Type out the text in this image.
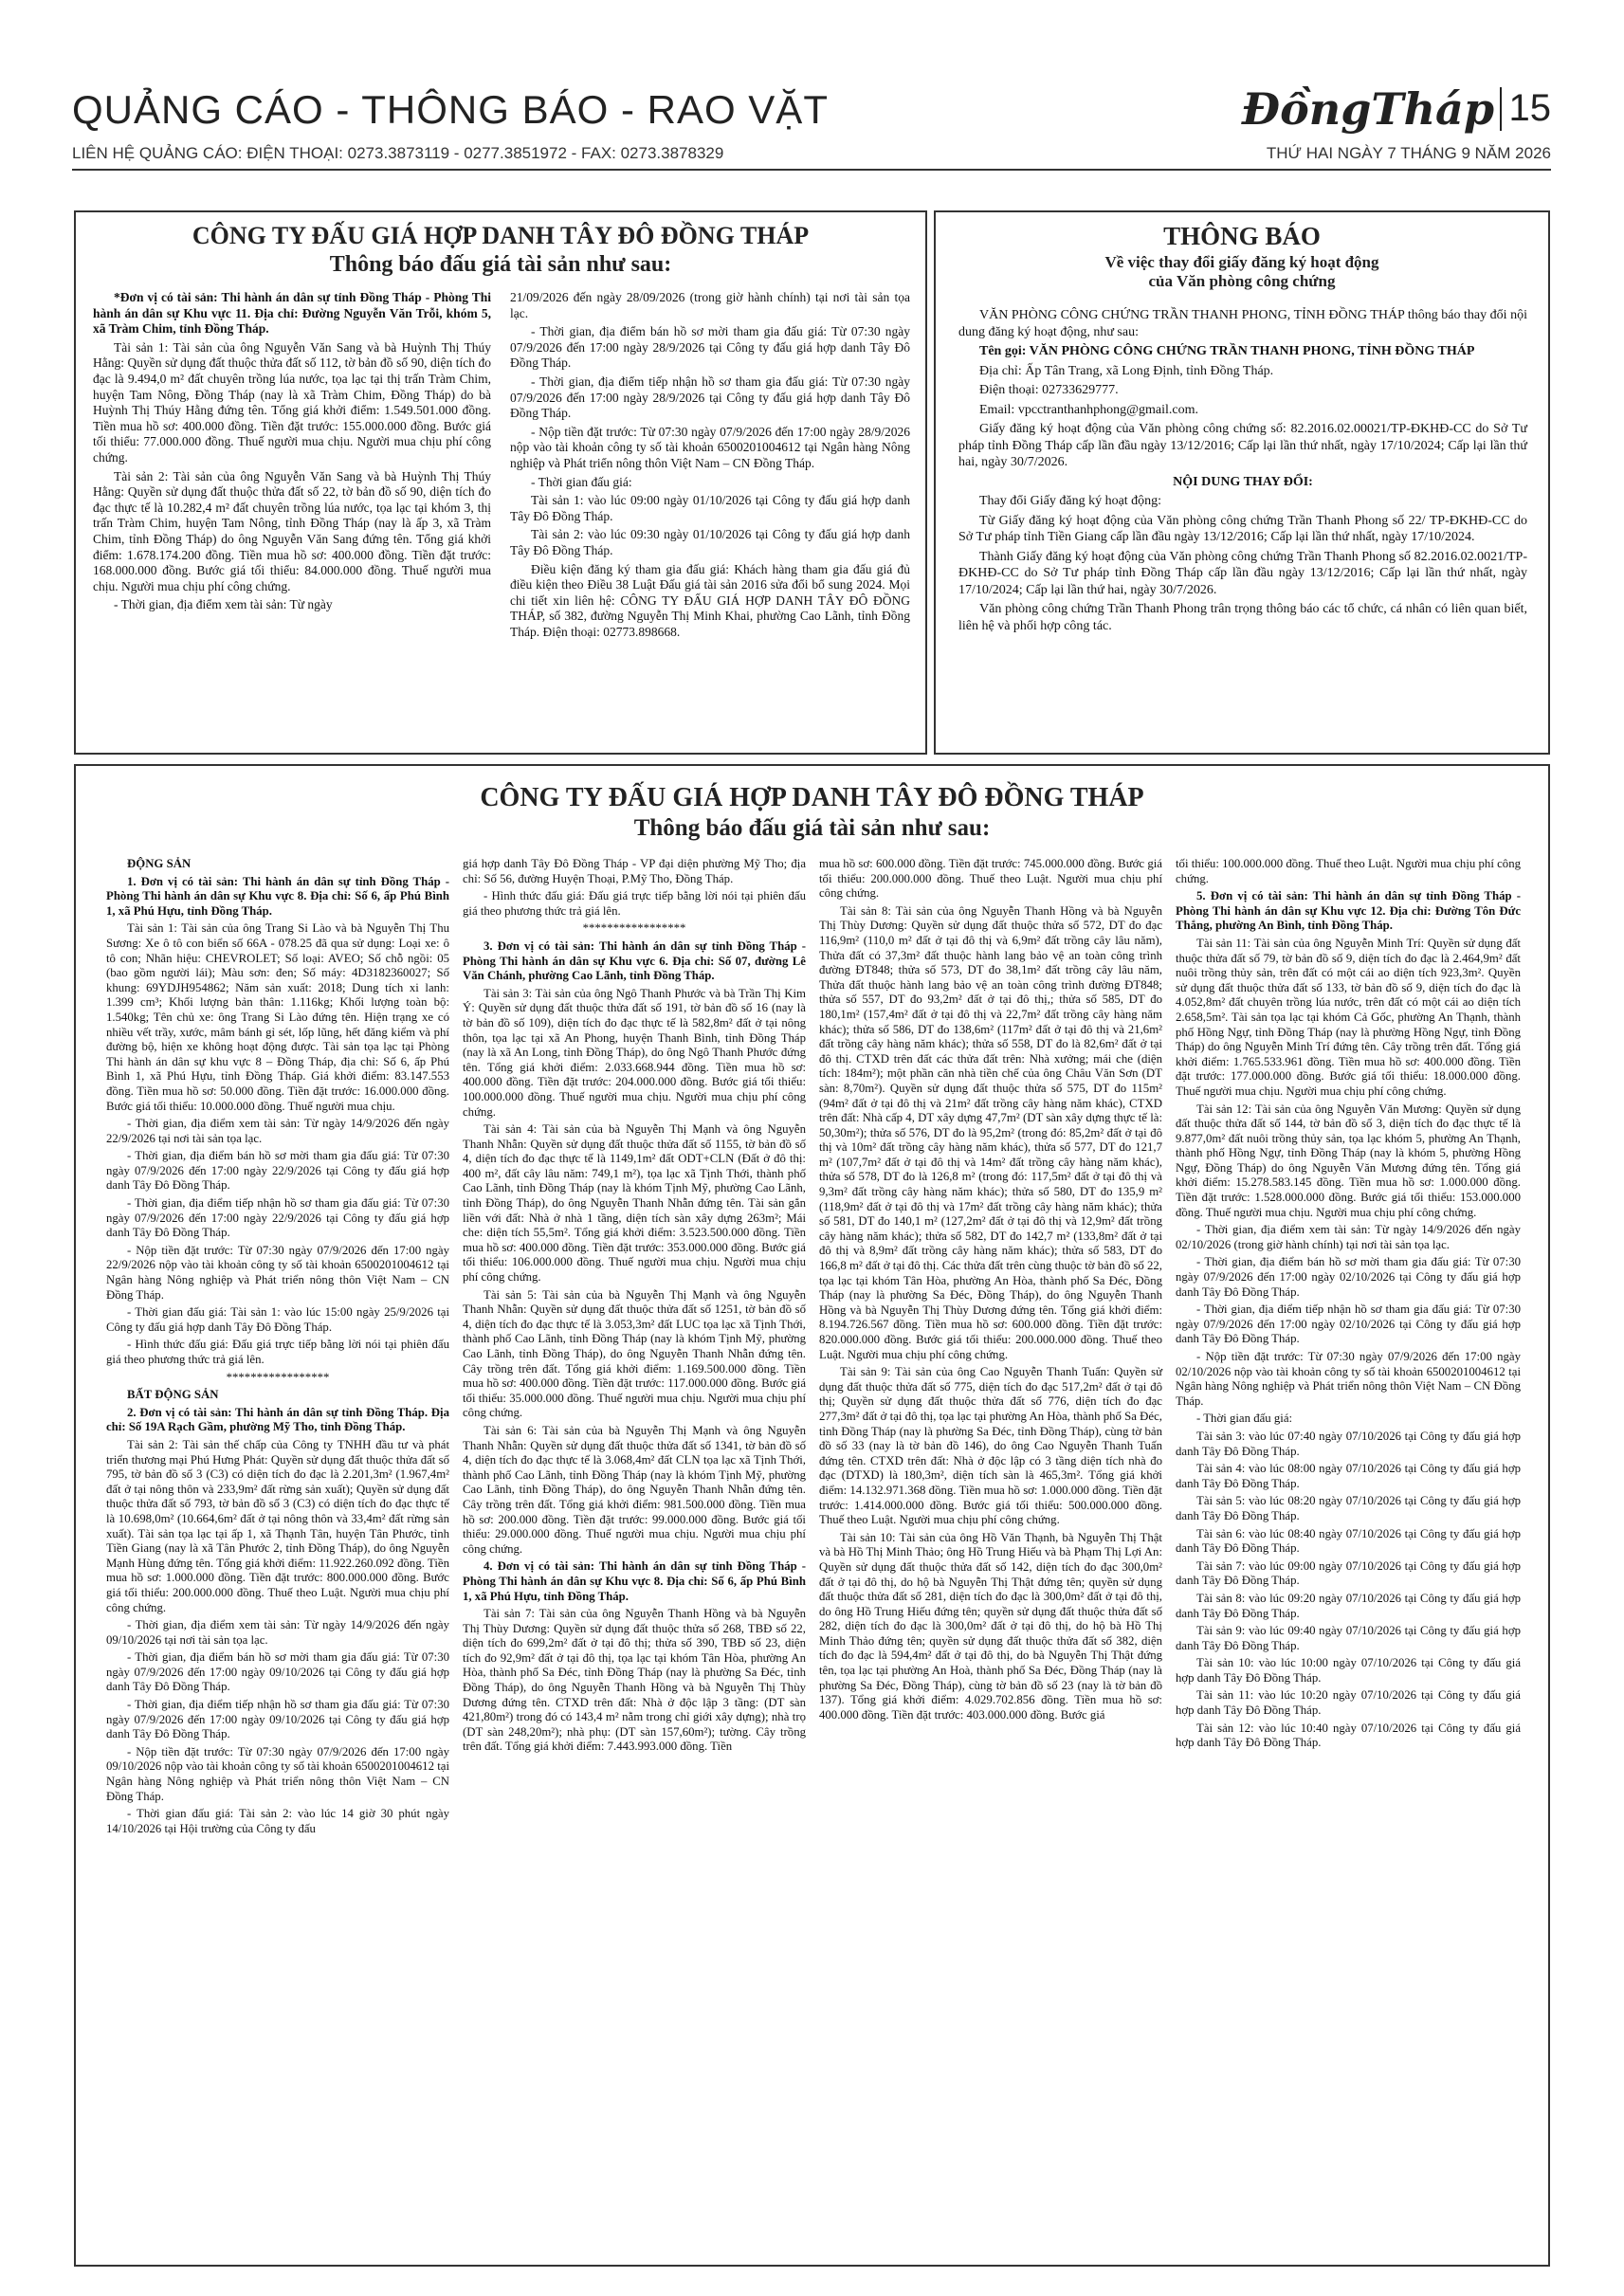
QUẢNG CÁO - THÔNG BÁO - RAO VẶT	ĐồngTháp 15
LIÊN HỆ QUẢNG CÁO: ĐIỆN THOẠI: 0273.3873119 - 0277.3851972 - FAX: 0273.3878329	THỨ HAI NGÀY 7 THÁNG 9 NĂM 2026
CÔNG TY ĐẤU GIÁ HỢP DANH TÂY ĐÔ ĐỒNG THÁP
Thông báo đấu giá tài sản như sau:

*Đơn vị có tài sản: Thi hành án dân sự tỉnh Đồng Tháp - Phòng Thi hành án dân sự Khu vực 11. Địa chỉ: Đường Nguyễn Văn Trỗi, khóm 5, xã Tràm Chim, tỉnh Đồng Tháp.

Tài sản 1: Tài sản của ông Nguyễn Văn Sang và bà Huỳnh Thị Thúy Hằng: Quyền sử dụng đất thuộc thửa đất số 112, tờ bản đồ số 90, diện tích đo đạc là 9.494,0 m² đất chuyên trồng lúa nước, tọa lạc tại thị trấn Tràm Chim, huyện Tam Nông, Đồng Tháp (nay là xã Tràm Chim, Đồng Tháp) do bà Huỳnh Thị Thúy Hằng đứng tên. Tổng giá khởi điểm: 1.549.501.000 đồng. Tiền mua hồ sơ: 400.000 đồng. Tiền đặt trước: 155.000.000 đồng. Bước giá tối thiểu: 77.000.000 đồng. Thuế người mua chịu. Người mua chịu phí công chứng.

Tài sản 2: Tài sản của ông Nguyễn Văn Sang và bà Huỳnh Thị Thúy Hằng: Quyền sử dụng đất thuộc thửa đất số 22, tờ bản đồ số 90, diện tích đo đạc thực tế là 10.282,4 m² đất chuyên trồng lúa nước, tọa lạc tại khóm 3, thị trấn Tràm Chim, huyện Tam Nông, tỉnh Đồng Tháp (nay là ấp 3, xã Tràm Chim, tỉnh Đồng Tháp) do ông Nguyễn Văn Sang đứng tên. Tổng giá khởi điểm: 1.678.174.200 đồng. Tiền mua hồ sơ: 400.000 đồng. Tiền đặt trước: 168.000.000 đồng. Bước giá tối thiểu: 84.000.000 đồng. Thuế người mua chịu. Người mua chịu phí công chứng.

- Thời gian, địa điểm xem tài sản: Từ ngày

21/09/2026 đến ngày 28/09/2026 (trong giờ hành chính) tại nơi tài sản tọa lạc.

- Thời gian, địa điểm bán hồ sơ mời tham gia đấu giá: Từ 07:30 ngày 07/9/2026 đến 17:00 ngày 28/9/2026 tại Công ty đấu giá hợp danh Tây Đô Đồng Tháp.

- Thời gian, địa điểm tiếp nhận hồ sơ tham gia đấu giá: Từ 07:30 ngày 07/9/2026 đến 17:00 ngày 28/9/2026 tại Công ty đấu giá hợp danh Tây Đô Đồng Tháp.

- Nộp tiền đặt trước: Từ 07:30 ngày 07/9/2026 đến 17:00 ngày 28/9/2026 nộp vào tài khoản công ty số tài khoản 6500201004612 tại Ngân hàng Nông nghiệp và Phát triển nông thôn Việt Nam – CN Đồng Tháp.

- Thời gian đấu giá:

Tài sản 1: vào lúc 09:00 ngày 01/10/2026 tại Công ty đấu giá hợp danh Tây Đô Đồng Tháp.

Tài sản 2: vào lúc 09:30 ngày 01/10/2026 tại Công ty đấu giá hợp danh Tây Đô Đồng Tháp.

Điều kiện đăng ký tham gia đấu giá: Khách hàng tham gia đấu giá đủ điều kiện theo Điều 38 Luật Đấu giá tài sản 2016 sửa đổi bổ sung 2024. Mọi chi tiết xin liên hệ: CÔNG TY ĐẤU GIÁ HỢP DANH TÂY ĐÔ ĐỒNG THÁP, số 382, đường Nguyễn Thị Minh Khai, phường Cao Lãnh, tỉnh Đồng Tháp. Điện thoại: 02773.898668.

THÔNG BÁO
Về việc thay đổi giấy đăng ký hoạt động
của Văn phòng công chứng

VĂN PHÒNG CÔNG CHỨNG TRẦN THANH PHONG, TỈNH ĐỒNG THÁP thông báo thay đổi nội dung đăng ký hoạt động, như sau:

Tên gọi: VĂN PHÒNG CÔNG CHỨNG TRẦN THANH PHONG, TỈNH ĐỒNG THÁP

Địa chỉ: Ấp Tân Trang, xã Long Định, tỉnh Đồng Tháp.

Điện thoại: 02733629777.

Email: vpcctranthanhphong@gmail.com.

Giấy đăng ký hoạt động của Văn phòng công chứng số: 82.2016.02.00021/TP-ĐKHĐ-CC do Sở Tư pháp tỉnh Đồng Tháp cấp lần đầu ngày 13/12/2016; Cấp lại lần thứ nhất, ngày 17/10/2024; Cấp lại lần thứ hai, ngày 30/7/2026.

NỘI DUNG THAY ĐỔI:

Thay đổi Giấy đăng ký hoạt động:

Từ Giấy đăng ký hoạt động của Văn phòng công chứng Trần Thanh Phong số 22/ TP-ĐKHĐ-CC do Sở Tư pháp tỉnh Tiền Giang cấp lần đầu ngày 13/12/2016; Cấp lại lần thứ nhất, ngày 17/10/2024.

Thành Giấy đăng ký hoạt động của Văn phòng công chứng Trần Thanh Phong số 82.2016.02.0021/TP-ĐKHĐ-CC do Sở Tư pháp tỉnh Đồng Tháp cấp lần đầu ngày 13/12/2016; Cấp lại lần thứ nhất, ngày 17/10/2024; Cấp lại lần thứ hai, ngày 30/7/2026.

Văn phòng công chứng Trần Thanh Phong trân trọng thông báo các tổ chức, cá nhân có liên quan biết, liên hệ và phối hợp công tác.

CÔNG TY ĐẤU GIÁ HỢP DANH TÂY ĐÔ ĐỒNG THÁP
Thông báo đấu giá tài sản như sau:

ĐỘNG SẢN

1. Đơn vị có tài sản: Thi hành án dân sự tỉnh Đồng Tháp - Phòng Thi hành án dân sự Khu vực 8. Địa chỉ: Số 6, ấp Phú Bình 1, xã Phú Hựu, tỉnh Đồng Tháp.

Tài sản 1: Tài sản của ông Trang Si Lào và bà Nguyễn Thị Thu Sương: Xe ô tô con biển số 66A - 078.25 đã qua sử dụng: Loại xe: ô tô con; Nhãn hiệu: CHEVROLET; Số loại: AVEO; Số chỗ ngồi: 05 (bao gồm người lái); Màu sơn: đen; Số máy: 4D3182360027; Số khung: 69YDJH954862; Năm sản xuất: 2018; Dung tích xi lanh: 1.399 cm³; Khối lượng bản thân: 1.116kg; Khối lượng toàn bộ: 1.540kg; Tên chủ xe: ông Trang Si Lào đứng tên. Hiện trạng xe có nhiều vết trầy, xước, mâm bánh gỉ sét, lốp lũng, hết đăng kiểm và phí đường bộ, hiện xe không hoạt động được. Tài sản tọa lạc tại Phòng Thi hành án dân sự khu vực 8 – Đồng Tháp, địa chỉ: Số 6, ấp Phú Bình 1, xã Phú Hựu, tỉnh Đồng Tháp. Giá khởi điểm: 83.147.553 đồng. Tiền mua hồ sơ: 50.000 đồng. Tiền đặt trước: 16.000.000 đồng. Bước giá tối thiểu: 10.000.000 đồng. Thuế người mua chịu.

- Thời gian, địa điểm xem tài sản: Từ ngày 14/9/2026 đến ngày 22/9/2026 tại nơi tài sản tọa lạc.

- Thời gian, địa điểm bán hồ sơ mời tham gia đấu giá: Từ 07:30 ngày 07/9/2026 đến 17:00 ngày 22/9/2026 tại Công ty đấu giá hợp danh Tây Đô Đồng Tháp.

- Thời gian, địa điểm tiếp nhận hồ sơ tham gia đấu giá: Từ 07:30 ngày 07/9/2026 đến 17:00 ngày 22/9/2026 tại Công ty đấu giá hợp danh Tây Đô Đồng Tháp.

- Nộp tiền đặt trước: Từ 07:30 ngày 07/9/2026 đến 17:00 ngày 22/9/2026 nộp vào tài khoản công ty số tài khoản 6500201004612 tại Ngân hàng Nông nghiệp và Phát triển nông thôn Việt Nam – CN Đồng Tháp.

- Thời gian đấu giá: Tài sản 1: vào lúc 15:00 ngày 25/9/2026 tại Công ty đấu giá hợp danh Tây Đô Đồng Tháp.

- Hình thức đấu giá: Đấu giá trực tiếp bằng lời nói tại phiên đấu giá theo phương thức trả giá lên.

*****************

BẤT ĐỘNG SẢN

2. Đơn vị có tài sản: Thi hành án dân sự tỉnh Đồng Tháp. Địa chỉ: Số 19A Rạch Gầm, phường Mỹ Tho, tỉnh Đồng Tháp.

Tài sản 2: Tài sản thế chấp của Công ty TNHH đầu tư và phát triển thương mại Phú Hưng Phát: Quyền sử dụng đất thuộc thửa đất số 795, tờ bản đồ số 3 (C3) có diện tích đo đạc là 2.201,3m² (1.967,4m² đất ở tại nông thôn và 233,9m² đất rừng sản xuất); Quyền sử dụng đất thuộc thửa đất số 793, tờ bản đồ số 3 (C3) có diện tích đo đạc thực tế là 10.698,0m² (10.664,6m² đất ở tại nông thôn và 33,4m² đất rừng sản xuất). Tài sản tọa lạc tại ấp 1, xã Thạnh Tân, huyện Tân Phước, tỉnh Tiền Giang (nay là xã Tân Phước 2, tỉnh Đồng Tháp), do ông Nguyễn Mạnh Hùng đứng tên. Tổng giá khởi điểm: 11.922.260.092 đồng. Tiền mua hồ sơ: 1.000.000 đồng. Tiền đặt trước: 800.000.000 đồng. Bước giá tối thiểu: 200.000.000 đồng. Thuế theo Luật. Người mua chịu phí công chứng.

- Thời gian, địa điểm xem tài sản: Từ ngày 14/9/2026 đến ngày 09/10/2026 tại nơi tài sản tọa lạc.

- Thời gian, địa điểm bán hồ sơ mời tham gia đấu giá: Từ 07:30 ngày 07/9/2026 đến 17:00 ngày 09/10/2026 tại Công ty đấu giá hợp danh Tây Đô Đồng Tháp.

- Thời gian, địa điểm tiếp nhận hồ sơ tham gia đấu giá: Từ 07:30 ngày 07/9/2026 đến 17:00 ngày 09/10/2026 tại Công ty đấu giá hợp danh Tây Đô Đồng Tháp.

- Nộp tiền đặt trước: Từ 07:30 ngày 07/9/2026 đến 17:00 ngày 09/10/2026 nộp vào tài khoản công ty số tài khoản 6500201004612 tại Ngân hàng Nông nghiệp và Phát triển nông thôn Việt Nam – CN Đồng Tháp.

- Thời gian đấu giá: Tài sản 2: vào lúc 14 giờ 30 phút ngày 14/10/2026 tại Hội trường của Công ty đấu

giá hợp danh Tây Đô Đồng Tháp - VP đại diện phường Mỹ Tho; địa chỉ: Số 56, đường Huyện Thoại, P.Mỹ Tho, Đồng Tháp.

- Hình thức đấu giá: Đấu giá trực tiếp bằng lời nói tại phiên đấu giá theo phương thức trả giá lên.

*****************

3. Đơn vị có tài sản: Thi hành án dân sự tỉnh Đồng Tháp - Phòng Thi hành án dân sự Khu vực 6. Địa chỉ: Số 07, đường Lê Văn Chánh, phường Cao Lãnh, tỉnh Đồng Tháp.

Tài sản 3: Tài sản của ông Ngô Thanh Phước và bà Trần Thị Kim Ý: Quyền sử dụng đất thuộc thửa đất số 191, tờ bản đồ số 16 (nay là tờ bản đồ số 109), diện tích đo đạc thực tế là 582,8m² đất ở tại nông thôn, tọa lạc tại xã An Phong, huyện Thanh Bình, tỉnh Đồng Tháp (nay là xã An Long, tỉnh Đồng Tháp), do ông Ngô Thanh Phước đứng tên. Tổng giá khởi điểm: 2.033.668.944 đồng. Tiền mua hồ sơ: 400.000 đồng. Tiền đặt trước: 204.000.000 đồng. Bước giá tối thiểu: 100.000.000 đồng. Thuế người mua chịu. Người mua chịu phí công chứng.

Tài sản 4: Tài sản của bà Nguyễn Thị Mạnh và ông Nguyễn Thanh Nhẫn: Quyền sử dụng đất thuộc thửa đất số 1155, tờ bản đồ số 4, diện tích đo đạc thực tế là 1149,1m² đất ODT+CLN (Đất ở đô thị: 400 m², đất cây lâu năm: 749,1 m²), tọa lạc xã Tịnh Thới, thành phố Cao Lãnh, tỉnh Đồng Tháp (nay là khóm Tịnh Mỹ, phường Cao Lãnh, tỉnh Đồng Tháp), do ông Nguyễn Thanh Nhẫn đứng tên. Tài sản gắn liền với đất: Nhà ở nhà 1 tầng, diện tích sàn xây dựng 263m²; Mái che: diện tích 55,5m². Tổng giá khởi điểm: 3.523.500.000 đồng. Tiền mua hồ sơ: 400.000 đồng. Tiền đặt trước: 353.000.000 đồng. Bước giá tối thiểu: 106.000.000 đồng. Thuế người mua chịu. Người mua chịu phí công chứng.

Tài sản 5: Tài sản của bà Nguyễn Thị Mạnh và ông Nguyễn Thanh Nhẫn: Quyền sử dụng đất thuộc thửa đất số 1251, tờ bản đồ số 4, diện tích đo đạc thực tế là 3.053,3m² đất LUC tọa lạc xã Tịnh Thới, thành phố Cao Lãnh, tỉnh Đồng Tháp (nay là khóm Tịnh Mỹ, phường Cao Lãnh, tỉnh Đồng Tháp), do ông Nguyễn Thanh Nhẫn đứng tên. Cây trồng trên đất. Tổng giá khởi điểm: 1.169.500.000 đồng. Tiền mua hồ sơ: 400.000 đồng. Tiền đặt trước: 117.000.000 đồng. Bước giá tối thiểu: 35.000.000 đồng. Thuế người mua chịu. Người mua chịu phí công chứng.

Tài sản 6: Tài sản của bà Nguyễn Thị Mạnh và ông Nguyễn Thanh Nhẫn: Quyền sử dụng đất thuộc thửa đất số 1341, tờ bản đồ số 4, diện tích đo đạc thực tế là 3.068,4m² đất CLN tọa lạc xã Tịnh Thới, thành phố Cao Lãnh, tỉnh Đồng Tháp (nay là khóm Tịnh Mỹ, phường Cao Lãnh, tỉnh Đồng Tháp), do ông Nguyễn Thanh Nhẫn đứng tên. Cây trồng trên đất. Tổng giá khởi điểm: 981.500.000 đồng. Tiền mua hồ sơ: 200.000 đồng. Tiền đặt trước: 99.000.000 đồng. Bước giá tối thiểu: 29.000.000 đồng. Thuế người mua chịu. Người mua chịu phí công chứng.

4. Đơn vị có tài sản: Thi hành án dân sự tỉnh Đồng Tháp - Phòng Thi hành án dân sự Khu vực 8. Địa chỉ: Số 6, ấp Phú Bình 1, xã Phú Hựu, tỉnh Đồng Tháp.

Tài sản 7: Tài sản của ông Nguyễn Thanh Hồng và bà Nguyễn Thị Thùy Dương: Quyền sử dụng đất thuộc thửa số 268, TBĐ số 22, diện tích đo 699,2m² đất ở tại đô thị; thửa số 390, TBĐ số 23, diện tích đo 92,9m² đất ở tại đô thị, tọa lạc tại khóm Tân Hòa, phường An Hòa, thành phố Sa Đéc, tỉnh Đồng Tháp (nay là phường Sa Đéc, tỉnh Đồng Tháp), do ông Nguyễn Thanh Hồng và bà Nguyễn Thị Thùy Dương đứng tên. CTXD trên đất: Nhà ở độc lập 3 tầng: (DT sàn 421,80m²) trong đó có 143,4 m² nằm trong chỉ giới xây dựng); nhà trọ (DT sàn 248,20m²); nhà phụ: (DT sàn 157,60m²); tường. Cây trồng trên đất. Tổng giá khởi điểm: 7.443.993.000 đồng. Tiền

mua hồ sơ: 600.000 đồng. Tiền đặt trước: 745.000.000 đồng. Bước giá tối thiểu: 200.000.000 đồng. Thuế theo Luật. Người mua chịu phí công chứng.

Tài sản 8: Tài sản của ông Nguyễn Thanh Hồng và bà Nguyễn Thị Thùy Dương: Quyền sử dụng đất thuộc thửa số 572, DT đo đạc 116,9m² (110,0 m² đất ở tại đô thị và 6,9m² đất trồng cây lâu năm), Thửa đất có 37,3m² đất thuộc hành lang bảo vệ an toàn công trình đường ĐT848; thửa số 573, DT đo 38,1m² đất trồng cây lâu năm, Thửa đất thuộc hành lang bảo vệ an toàn công trình đường ĐT848; thửa số 557, DT đo 93,2m² đất ở tại đô thị,; thửa số 585, DT đo 180,1m² (157,4m² đất ở tại đô thị và 22,7m² đất trồng cây hàng năm khác); thửa số 586, DT đo 138,6m² (117m² đất ở tại đô thị và 21,6m² đất trồng cây hàng năm khác); thửa số 558, DT đo là 82,6m² đất ở tại đô thị. CTXD trên đất các thửa đất trên: Nhà xưởng; mái che (diện tích: 184m²); một phần căn nhà tiền chế của ông Châu Văn Sơn (DT sàn: 8,70m²). Quyền sử dụng đất thuộc thửa số 575, DT đo 115m² (94m² đất ở tại đô thị và 21m² đất trồng cây hàng năm khác), CTXD trên đất: Nhà cấp 4, DT xây dựng 47,7m² (DT sàn xây dựng thực tế là: 50,30m²); thửa số 576, DT đo là 95,2m² (trong đó: 85,2m² đất ở tại đô thị và 10m² đất trồng cây hàng năm khác), thửa số 577, DT đo 121,7 m² (107,7m² đất ở tại đô thị và 14m² đất trồng cây hàng năm khác), thửa số 578, DT đo là 126,8 m² (trong đó: 117,5m² đất ở tại đô thị và 9,3m² đất trồng cây hàng năm khác); thửa số 580, DT đo 135,9 m² (118,9m² đất ở tại đô thị và 17m² đất trồng cây hàng năm khác); thửa số 581, DT đo 140,1 m² (127,2m² đất ở tại đô thị và 12,9m² đất trồng cây hàng năm khác); thửa số 582, DT đo 142,7 m² (133,8m² đất ở tại đô thị và 8,9m² đất trồng cây hàng năm khác); thửa số 583, DT đo 166,8 m² đất ở tại đô thị. Các thửa đất trên cùng thuộc tờ bản đồ số 22, tọa lạc tại khóm Tân Hòa, phường An Hòa, thành phố Sa Đéc, Đồng Tháp (nay là phường Sa Đéc, Đồng Tháp), do ông Nguyễn Thanh Hồng và bà Nguyễn Thị Thùy Dương đứng tên. Tổng giá khởi điểm: 8.194.726.567 đồng. Tiền mua hồ sơ: 600.000 đồng. Tiền đặt trước: 820.000.000 đồng. Bước giá tối thiểu: 200.000.000 đồng. Thuế theo Luật. Người mua chịu phí công chứng.

Tài sản 9: Tài sản của ông Cao Nguyễn Thanh Tuấn: Quyền sử dụng đất thuộc thửa đất số 775, diện tích đo đạc 517,2m² đất ở tại đô thị; Quyền sử dụng đất thuộc thửa đất số 776, diện tích đo đạc 277,3m² đất ở tại đô thị, tọa lạc tại phường An Hòa, thành phố Sa Đéc, tỉnh Đồng Tháp (nay là phường Sa Đéc, tỉnh Đồng Tháp), cùng tờ bản đồ số 33 (nay là tờ bản đồ 146), do ông Cao Nguyễn Thanh Tuấn đứng tên. CTXD trên đất: Nhà ở độc lập có 3 tầng diện tích nhà đo đạc (DTXD) là 180,3m², diện tích sàn là 465,3m². Tổng giá khởi điểm: 14.132.971.368 đồng. Tiền mua hồ sơ: 1.000.000 đồng. Tiền đặt trước: 1.414.000.000 đồng. Bước giá tối thiểu: 500.000.000 đồng. Thuế theo Luật. Người mua chịu phí công chứng.

Tài sản 10: Tài sản của ông Hồ Văn Thạnh, bà Nguyễn Thị Thật và bà Hồ Thị Minh Thảo; ông Hồ Trung Hiếu và bà Phạm Thị Lợi An: Quyền sử dụng đất thuộc thửa đất số 142, diện tích đo đạc 300,0m² đất ở tại đô thị, do hộ bà Nguyễn Thị Thật đứng tên; quyền sử dụng đất thuộc thửa đất số 281, diện tích đo đạc là 300,0m² đất ở tại đô thị, do ông Hồ Trung Hiếu đứng tên; quyền sử dụng đất thuộc thửa đất số 282, diện tích đo đạc là 300,0m² đất ở tại đô thị, do hộ bà Hồ Thị Minh Thảo đứng tên; quyền sử dụng đất thuộc thửa đất số 382, diện tích đo đạc là 594,4m² đất ở tại đô thị, do bà Nguyễn Thị Thật đứng tên, tọa lạc tại phường An Hoà, thành phố Sa Đéc, Đồng Tháp (nay là phường Sa Đéc, Đồng Tháp), cùng tờ bản đồ số 23 (nay là tờ bản đồ 137). Tổng giá khởi điểm: 4.029.702.856 đồng. Tiền mua hồ sơ: 400.000 đồng. Tiền đặt trước: 403.000.000 đồng. Bước giá

tối thiểu: 100.000.000 đồng. Thuế theo Luật. Người mua chịu phí công chứng.

5. Đơn vị có tài sản: Thi hành án dân sự tỉnh Đồng Tháp - Phòng Thi hành án dân sự Khu vực 12. Địa chỉ: Đường Tôn Đức Thắng, phường An Bình, tỉnh Đồng Tháp.

Tài sản 11: Tài sản của ông Nguyễn Minh Trí: Quyền sử dụng đất thuộc thửa đất số 79, tờ bản đồ số 9, diện tích đo đạc là 2.464,9m² đất nuôi trồng thủy sản, trên đất có một cái ao diện tích 923,3m². Quyền sử dụng đất thuộc thửa đất số 133, tờ bản đồ số 9, diện tích đo đạc là 4.052,8m² đất chuyên trồng lúa nước, trên đất có một cái ao diện tích 2.658,5m². Tài sản tọa lạc tại khóm Cả Gốc, phường An Thạnh, thành phố Hồng Ngự, tỉnh Đồng Tháp (nay là phường Hồng Ngự, tỉnh Đồng Tháp) do ông Nguyễn Minh Trí đứng tên. Cây trồng trên đất. Tổng giá khởi điểm: 1.765.533.961 đồng. Tiền mua hồ sơ: 400.000 đồng. Tiền đặt trước: 177.000.000 đồng. Bước giá tối thiểu: 18.000.000 đồng. Thuế người mua chịu. Người mua chịu phí công chứng.

Tài sản 12: Tài sản của ông Nguyễn Văn Mương: Quyền sử dụng đất thuộc thửa đất số 144, tờ bản đồ số 3, diện tích đo đạc thực tế là 9.877,0m² đất nuôi trồng thủy sản, tọa lạc khóm 5, phường An Thạnh, thành phố Hồng Ngự, tỉnh Đồng Tháp (nay là khóm 5, phường Hồng Ngự, Đồng Tháp) do ông Nguyễn Văn Mương đứng tên. Tổng giá khởi điểm: 15.278.583.145 đồng. Tiền mua hồ sơ: 1.000.000 đồng. Tiền đặt trước: 1.528.000.000 đồng. Bước giá tối thiểu: 153.000.000 đồng. Thuế người mua chịu. Người mua chịu phí công chứng.

- Thời gian, địa điểm xem tài sản: Từ ngày 14/9/2026 đến ngày 02/10/2026 (trong giờ hành chính) tại nơi tài sản tọa lạc.

- Thời gian, địa điểm bán hồ sơ mời tham gia đấu giá: Từ 07:30 ngày 07/9/2026 đến 17:00 ngày 02/10/2026 tại Công ty đấu giá hợp danh Tây Đô Đồng Tháp.

- Thời gian, địa điểm tiếp nhận hồ sơ tham gia đấu giá: Từ 07:30 ngày 07/9/2026 đến 17:00 ngày 02/10/2026 tại Công ty đấu giá hợp danh Tây Đô Đồng Tháp.

- Nộp tiền đặt trước: Từ 07:30 ngày 07/9/2026 đến 17:00 ngày 02/10/2026 nộp vào tài khoản công ty số tài khoản 6500201004612 tại Ngân hàng Nông nghiệp và Phát triển nông thôn Việt Nam – CN Đồng Tháp.

- Thời gian đấu giá:

Tài sản 3: vào lúc 07:40 ngày 07/10/2026 tại Công ty đấu giá hợp danh Tây Đô Đồng Tháp.

Tài sản 4: vào lúc 08:00 ngày 07/10/2026 tại Công ty đấu giá hợp danh Tây Đô Đồng Tháp.

Tài sản 5: vào lúc 08:20 ngày 07/10/2026 tại Công ty đấu giá hợp danh Tây Đô Đồng Tháp.

Tài sản 6: vào lúc 08:40 ngày 07/10/2026 tại Công ty đấu giá hợp danh Tây Đô Đồng Tháp.

Tài sản 7: vào lúc 09:00 ngày 07/10/2026 tại Công ty đấu giá hợp danh Tây Đô Đồng Tháp.

Tài sản 8: vào lúc 09:20 ngày 07/10/2026 tại Công ty đấu giá hợp danh Tây Đô Đồng Tháp.

Tài sản 9: vào lúc 09:40 ngày 07/10/2026 tại Công ty đấu giá hợp danh Tây Đô Đồng Tháp.

Tài sản 10: vào lúc 10:00 ngày 07/10/2026 tại Công ty đấu giá hợp danh Tây Đô Đồng Tháp.

Tài sản 11: vào lúc 10:20 ngày 07/10/2026 tại Công ty đấu giá hợp danh Tây Đô Đồng Tháp.

Tài sản 12: vào lúc 10:40 ngày 07/10/2026 tại Công ty đấu giá hợp danh Tây Đô Đồng Tháp.
